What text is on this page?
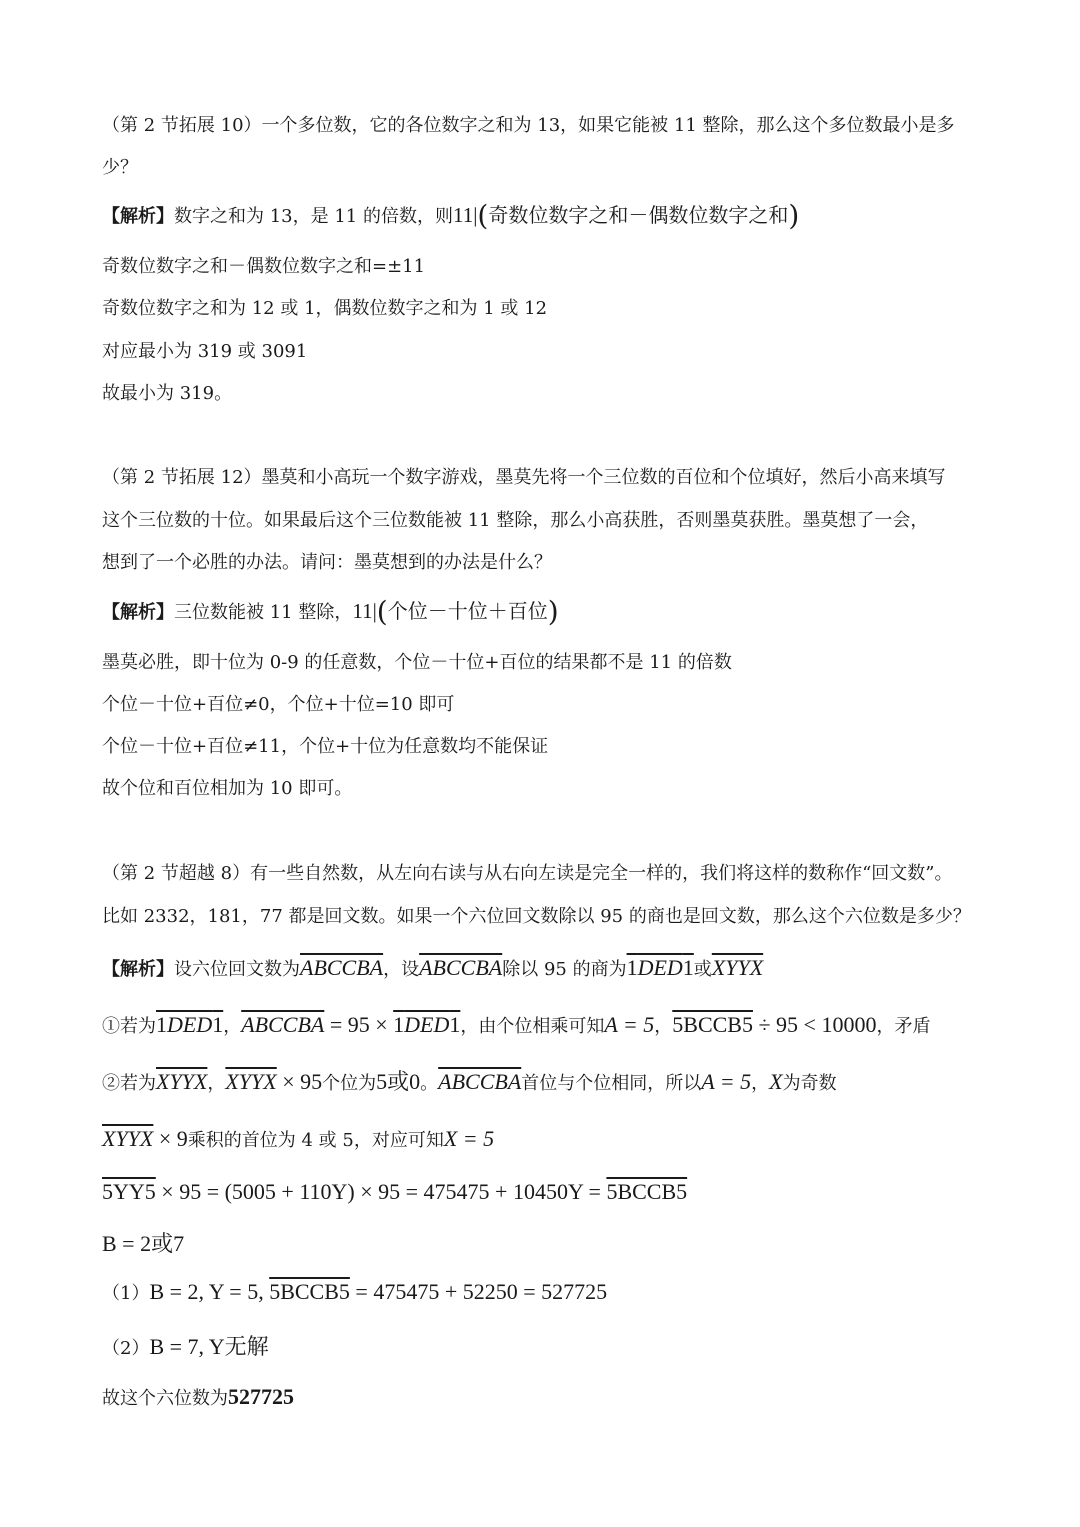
（第 2 节拓展 10）一个多位数，它的各位数字之和为 13，如果它能被 11 整除，那么这个多位数最小是多
少？
【解析】数字之和为 13，是 11 的倍数，则11|(奇数位数字之和－偶数位数字之和)
奇数位数字之和－偶数位数字之和=±11
奇数位数字之和为 12 或 1，偶数位数字之和为 1 或 12
对应最小为 319 或 3091
故最小为 319。
（第 2 节拓展 12）墨莫和小高玩一个数字游戏，墨莫先将一个三位数的百位和个位填好，然后小高来填写
这个三位数的十位。如果最后这个三位数能被 11 整除，那么小高获胜，否则墨莫获胜。墨莫想了一会，
想到了一个必胜的办法。请问：墨莫想到的办法是什么？
【解析】三位数能被 11 整除，11|(个位－十位＋百位)
墨莫必胜，即十位为 0-9 的任意数，个位－十位+百位的结果都不是 11 的倍数
个位－十位+百位≠0，个位+十位=10 即可
个位－十位+百位≠11，个位+十位为任意数均不能保证
故个位和百位相加为 10 即可。
（第 2 节超越 8）有一些自然数，从左向右读与从右向左读是完全一样的，我们将这样的数称作“回文数”。
比如 2332，181，77 都是回文数。如果一个六位回文数除以 95 的商也是回文数，那么这个六位数是多少？
【解析】设六位回文数为ABCCBA，设ABCCBA除以 95 的商为1DED1或XYYX
①若为1DED1，ABCCBA = 95 × 1DED1，由个位相乘可知A = 5，5BCCB5 ÷ 95 < 10000，矛盾
②若为XYYX，XYYX × 95个位为5或0。ABCCBA首位与个位相同，所以A = 5，X为奇数
XYYX × 9乘积的首位为 4 或 5，对应可知X = 5
5YY5 × 95 = (5005 + 110Y) × 95 = 475475 + 10450Y = 5BCCB5
B = 2或7
（1）B = 2, Y = 5, 5BCCB5 = 475475 + 52250 = 527725
（2）B = 7, Y无解
故这个六位数为527725
